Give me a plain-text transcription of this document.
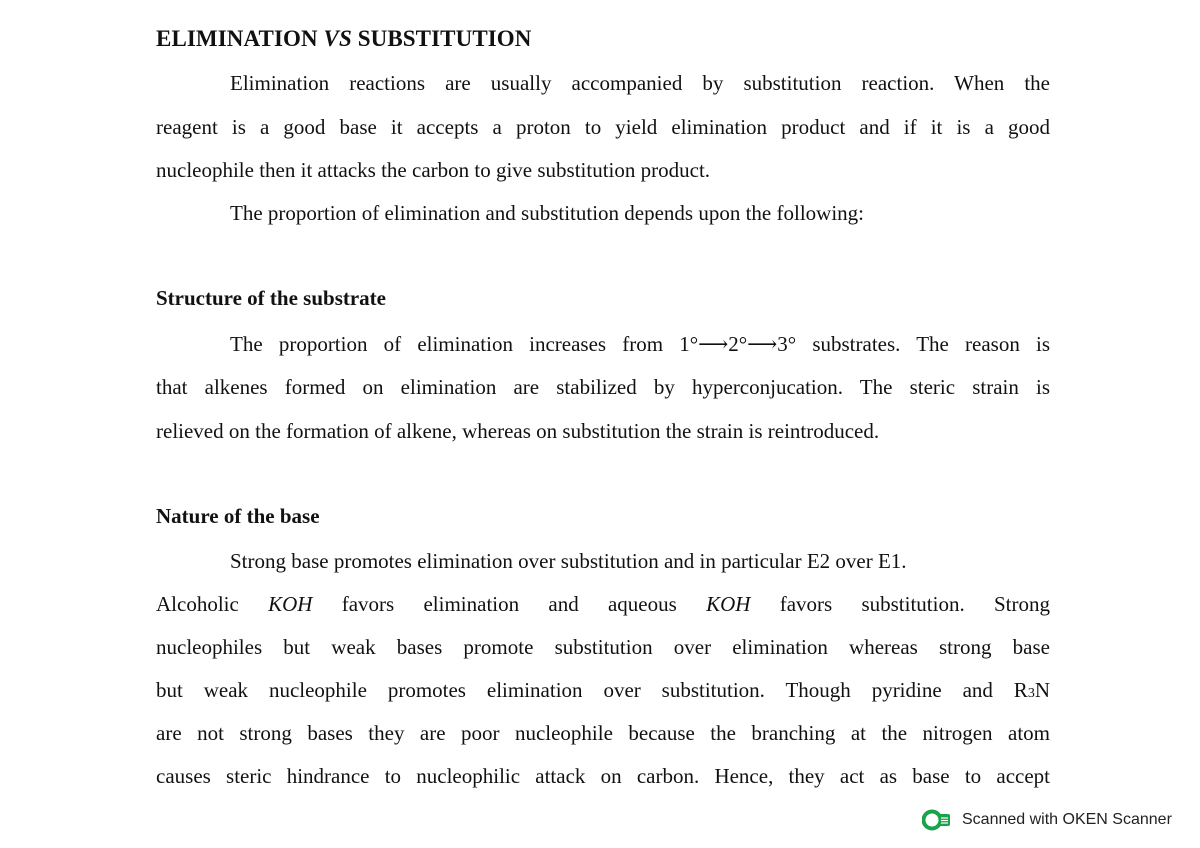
ELIMINATION VS SUBSTITUTION
Elimination reactions are usually accompanied by substitution reaction. When the
reagent is a good base it accepts a proton to yield elimination product and if it is a good
nucleophile then it attacks the carbon to give substitution product.
The proportion of elimination and substitution depends upon the following:
Structure of the substrate
The proportion of elimination increases from 1°⟶2°⟶3° substrates. The reason is
that alkenes formed on elimination are stabilized by hyperconjucation. The steric strain is
relieved on the formation of alkene, whereas on substitution the strain is reintroduced.
Nature of the base
Strong base promotes elimination over substitution and in particular E2 over E1.
Alcoholic KOH favors elimination and aqueous KOH favors substitution. Strong
nucleophiles but weak bases promote substitution over elimination whereas strong base
but weak nucleophile promotes elimination over substitution. Though pyridine and R3N
are not strong bases they are poor nucleophile because the branching at the nitrogen atom
causes steric hindrance to nucleophilic attack on carbon. Hence, they act as base to accept
Scanned with OKEN Scanner
